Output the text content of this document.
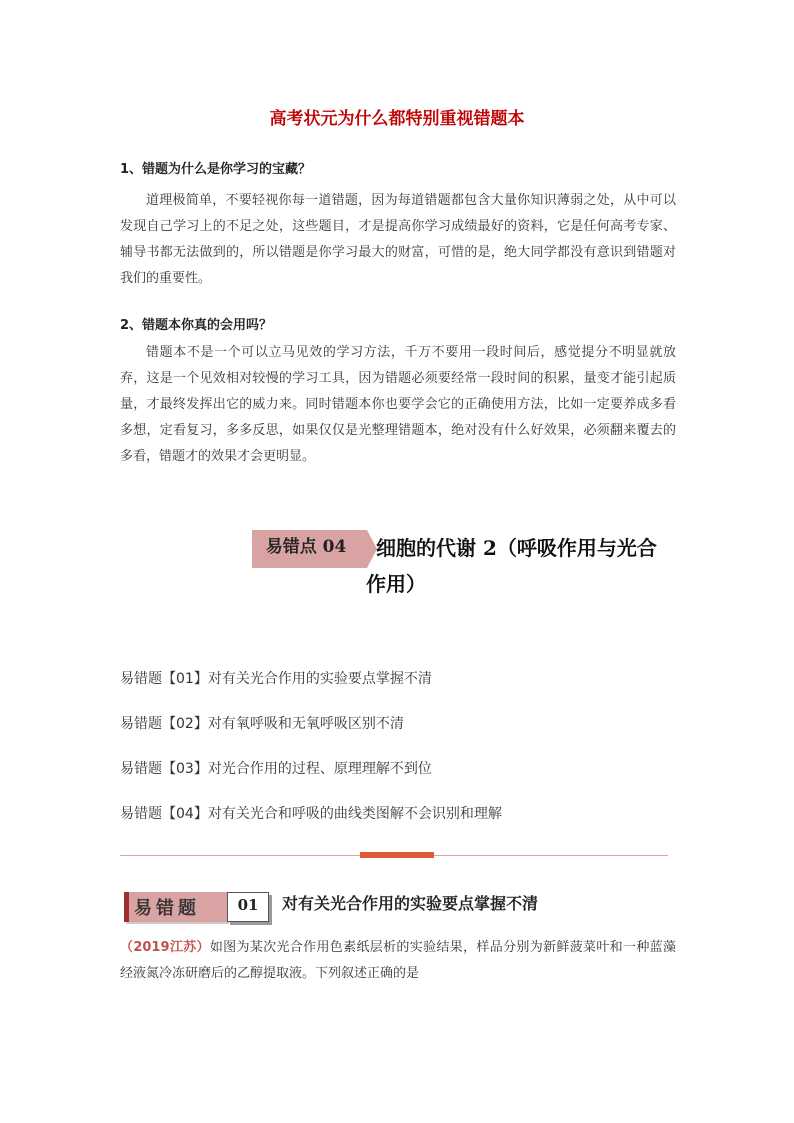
高考状元为什么都特别重视错题本
1、错题为什么是你学习的宝藏？
道理极简单，不要轻视你每一道错题，因为每道错题都包含大量你知识薄弱之处，从中可以发现自己学习上的不足之处，这些题目，才是提高你学习成绩最好的资料，它是任何高考专家、辅导书都无法做到的，所以错题是你学习最大的财富，可惜的是，绝大同学都没有意识到错题对我们的重要性。
2、错题本你真的会用吗？
错题本不是一个可以立马见效的学习方法，千万不要用一段时间后，感觉提分不明显就放弃，这是一个见效相对较慢的学习工具，因为错题必须要经常一段时间的积累，量变才能引起质量，才最终发挥出它的威力来。同时错题本你也要学会它的正确使用方法，比如一定要养成多看多想，定看复习，多多反思，如果仅仅是光整理错题本，绝对没有什么好效果，必须翻来覆去的多看，错题才的效果才会更明显。
易错点 04	细胞的代谢 2（呼吸作用与光合
作用）
易错题【01】对有关光合作用的实验要点掌握不清
易错题【02】对有氧呼吸和无氧呼吸区别不清
易错题【03】对光合作用的过程、原理理解不到位
易错题【04】对有关光合和呼吸的曲线类图解不会识别和理解
易错题	01	对有关光合作用的实验要点掌握不清
（2019江苏）如图为某次光合作用色素纸层析的实验结果，样品分别为新鲜菠菜叶和一种蓝藻经液氮冷冻研磨后的乙醇提取液。下列叙述正确的是
